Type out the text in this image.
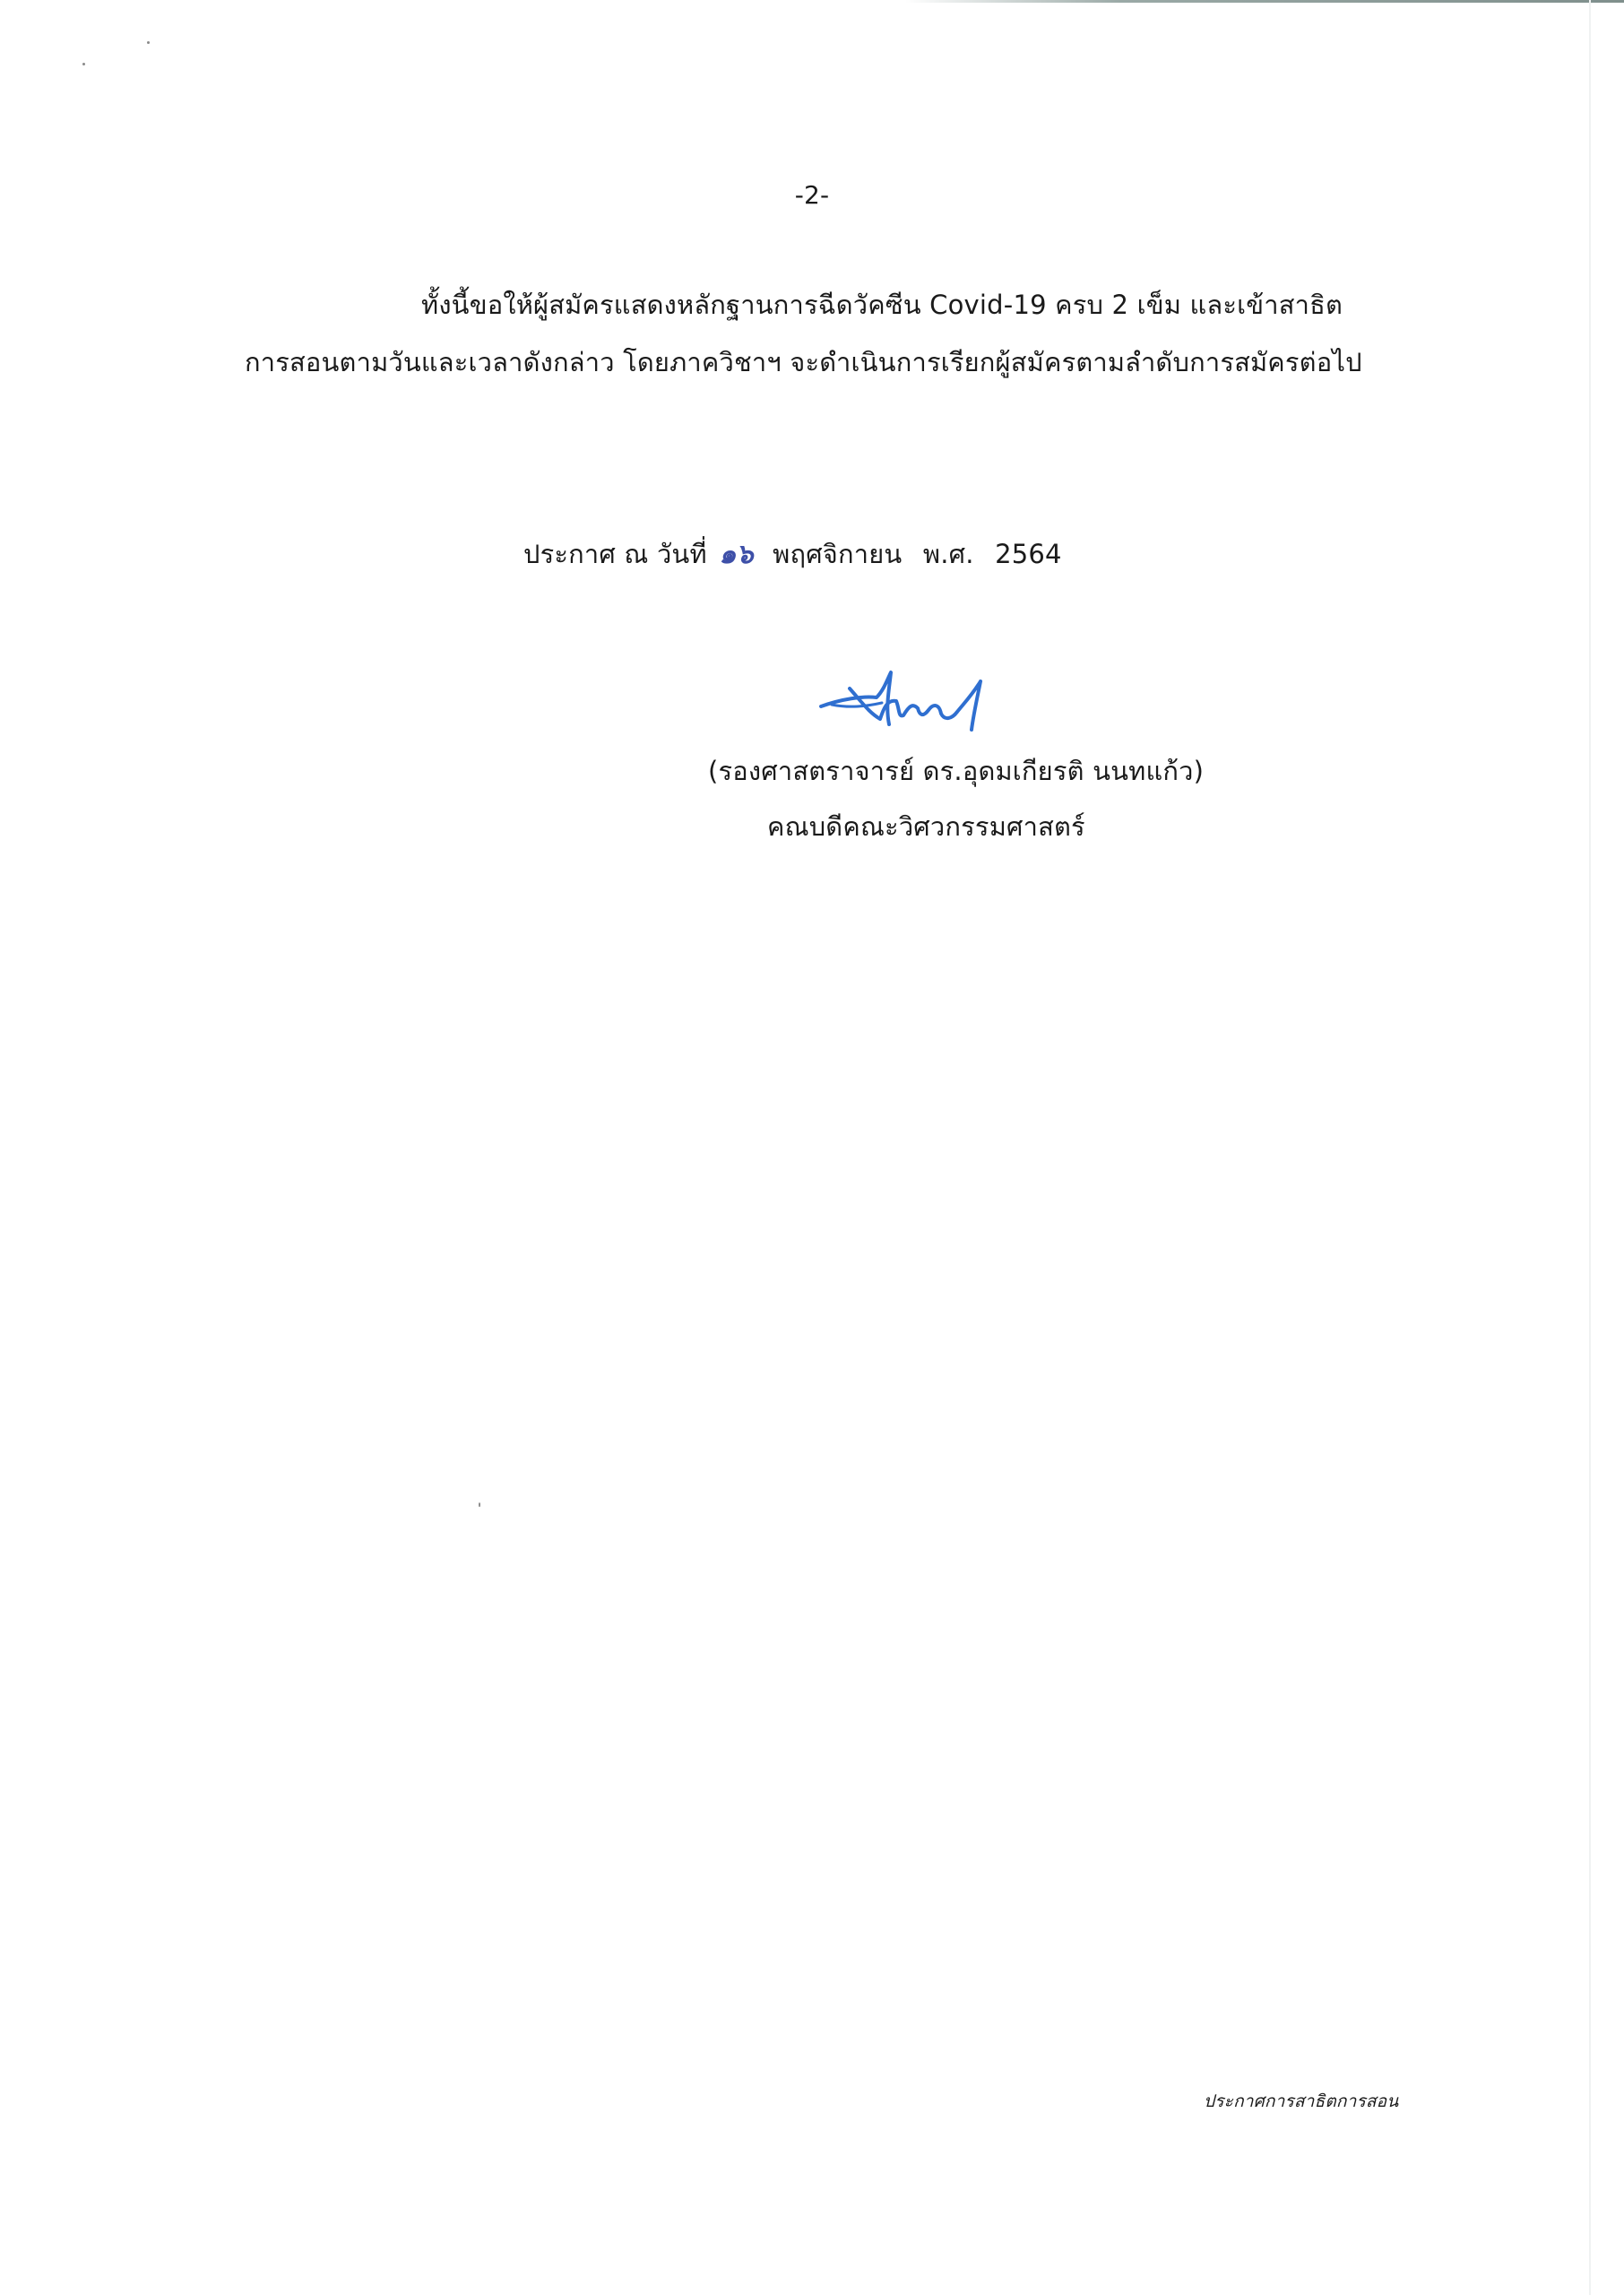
-2-
ทั้งนี้ขอให้ผู้สมัครแสดงหลักฐานการฉีดวัคซีน Covid-19 ครบ 2 เข็ม และเข้าสาธิต
การสอนตามวันและเวลาดังกล่าว โดยภาควิชาฯ จะดำเนินการเรียกผู้สมัครตามลำดับการสมัครต่อไป
ประกาศ ณ วันที่ ๑๖ พฤศจิกายน พ.ศ. 2564
(รองศาสตราจารย์ ดร.อุดมเกียรติ นนทแก้ว)
คณบดีคณะวิศวกรรมศาสตร์
ประกาศการสาธิตการสอน
